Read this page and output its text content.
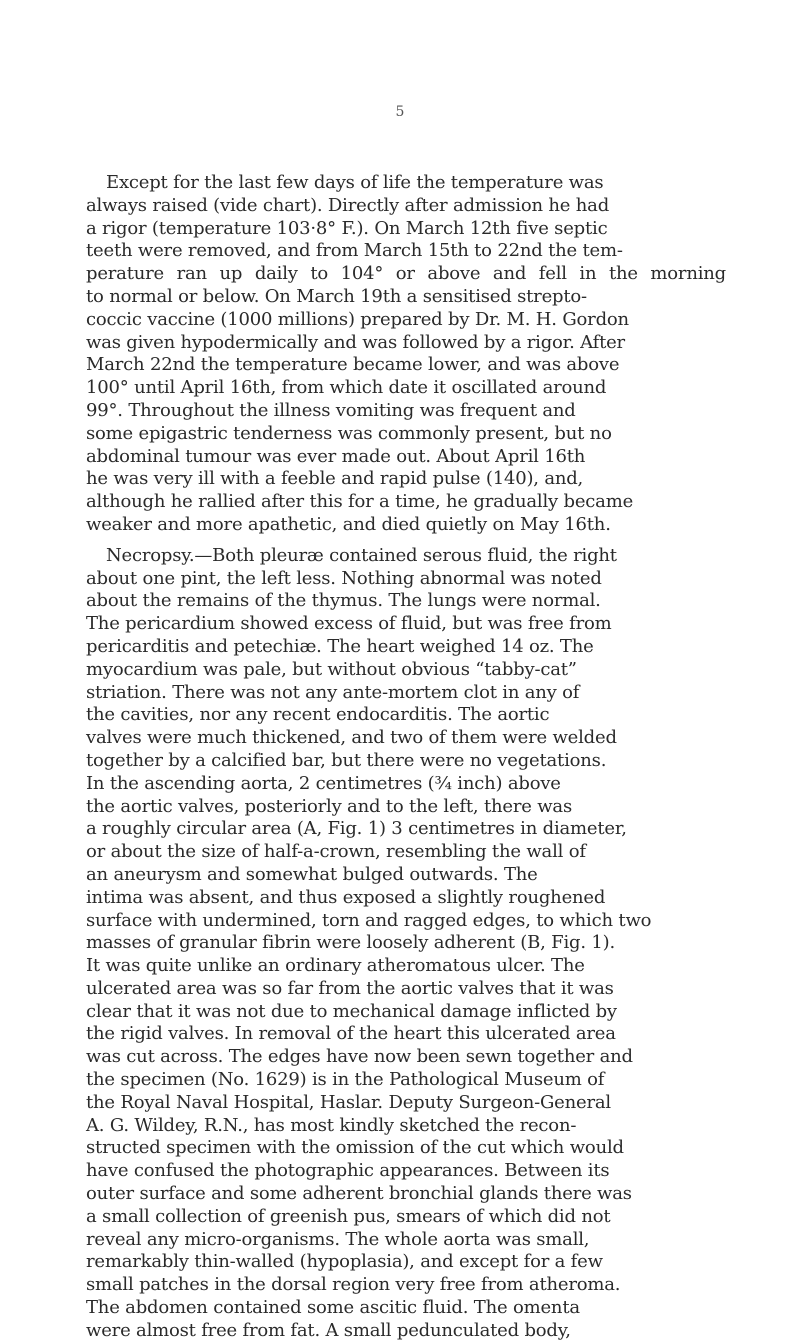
5
Except for the last few days of life the temperature was
always raised (vide chart). Directly after admission he had
a rigor (temperature 103·8° F.). On March 12th five septic
teeth were removed, and from March 15th to 22nd the tem-
perature ran up daily to 104° or above and fell in the morning
to normal or below. On March 19th a sensitised strepto-
coccic vaccine (1000 millions) prepared by Dr. M. H. Gordon
was given hypodermically and was followed by a rigor. After
March 22nd the temperature became lower, and was above
100° until April 16th, from which date it oscillated around
99°. Throughout the illness vomiting was frequent and
some epigastric tenderness was commonly present, but no
abdominal tumour was ever made out. About April 16th
he was very ill with a feeble and rapid pulse (140), and,
although he rallied after this for a time, he gradually became
weaker and more apathetic, and died quietly on May 16th.
Necropsy.—Both pleuræ contained serous fluid, the right
about one pint, the left less. Nothing abnormal was noted
about the remains of the thymus. The lungs were normal.
The pericardium showed excess of fluid, but was free from
pericarditis and petechiæ. The heart weighed 14 oz. The
myocardium was pale, but without obvious “tabby-cat”
striation. There was not any ante-mortem clot in any of
the cavities, nor any recent endocarditis. The aortic
valves were much thickened, and two of them were welded
together by a calcified bar, but there were no vegetations.
In the ascending aorta, 2 centimetres (¾ inch) above
the aortic valves, posteriorly and to the left, there was
a roughly circular area (A, Fig. 1) 3 centimetres in diameter,
or about the size of half-a-crown, resembling the wall of
an aneurysm and somewhat bulged outwards. The
intima was absent, and thus exposed a slightly roughened
surface with undermined, torn and ragged edges, to which two
masses of granular fibrin were loosely adherent (B, Fig. 1).
It was quite unlike an ordinary atheromatous ulcer. The
ulcerated area was so far from the aortic valves that it was
clear that it was not due to mechanical damage inflicted by
the rigid valves. In removal of the heart this ulcerated area
was cut across. The edges have now been sewn together and
the specimen (No. 1629) is in the Pathological Museum of
the Royal Naval Hospital, Haslar. Deputy Surgeon-General
A. G. Wildey, R.N., has most kindly sketched the recon-
structed specimen with the omission of the cut which would
have confused the photographic appearances. Between its
outer surface and some adherent bronchial glands there was
a small collection of greenish pus, smears of which did not
reveal any micro-organisms. The whole aorta was small,
remarkably thin-walled (hypoplasia), and except for a few
small patches in the dorsal region very free from atheroma.
The abdomen contained some ascitic fluid. The omenta
were almost free from fat. A small pedunculated body,
